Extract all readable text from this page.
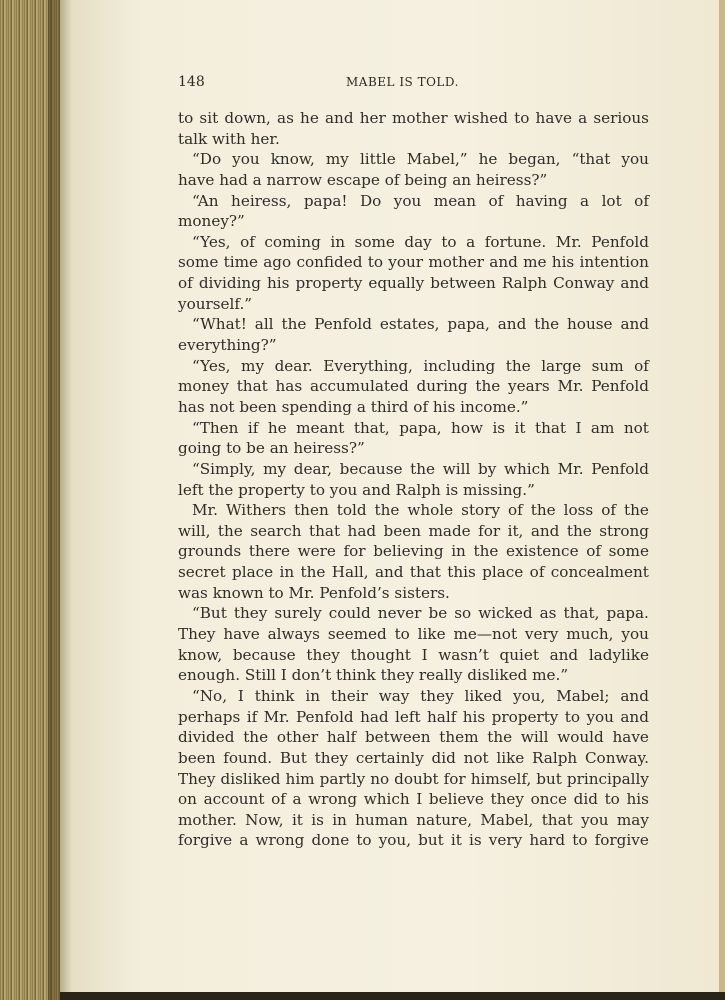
148	MABEL IS TOLD.
to sit down, as he and her mother wished to have a serious
talk with her.
“Do you know, my little Mabel,” he began, “that you
have had a narrow escape of being an heiress?”
“An heiress, papa! Do you mean of having a lot of
money?”
“Yes, of coming in some day to a fortune. Mr. Penfold
some time ago confided to your mother and me his intention
of dividing his property equally between Ralph Conway and
yourself.”
“What! all the Penfold estates, papa, and the house and
everything?”
“Yes, my dear. Everything, including the large sum of
money that has accumulated during the years Mr. Penfold
has not been spending a third of his income.”
“Then if he meant that, papa, how is it that I am not
going to be an heiress?”
“Simply, my dear, because the will by which Mr. Penfold
left the property to you and Ralph is missing.”
Mr. Withers then told the whole story of the loss of the
will, the search that had been made for it, and the strong
grounds there were for believing in the existence of some
secret place in the Hall, and that this place of concealment
was known to Mr. Penfold’s sisters.
“But they surely could never be so wicked as that, papa.
They have always seemed to like me—not very much, you
know, because they thought I wasn’t quiet and ladylike
enough. Still I don’t think they really disliked me.”
“No, I think in their way they liked you, Mabel; and
perhaps if Mr. Penfold had left half his property to you and
divided the other half between them the will would have
been found. But they certainly did not like Ralph Conway.
They disliked him partly no doubt for himself, but principally
on account of a wrong which I believe they once did to his
mother. Now, it is in human nature, Mabel, that you may
forgive a wrong done to you, but it is very hard to forgive
